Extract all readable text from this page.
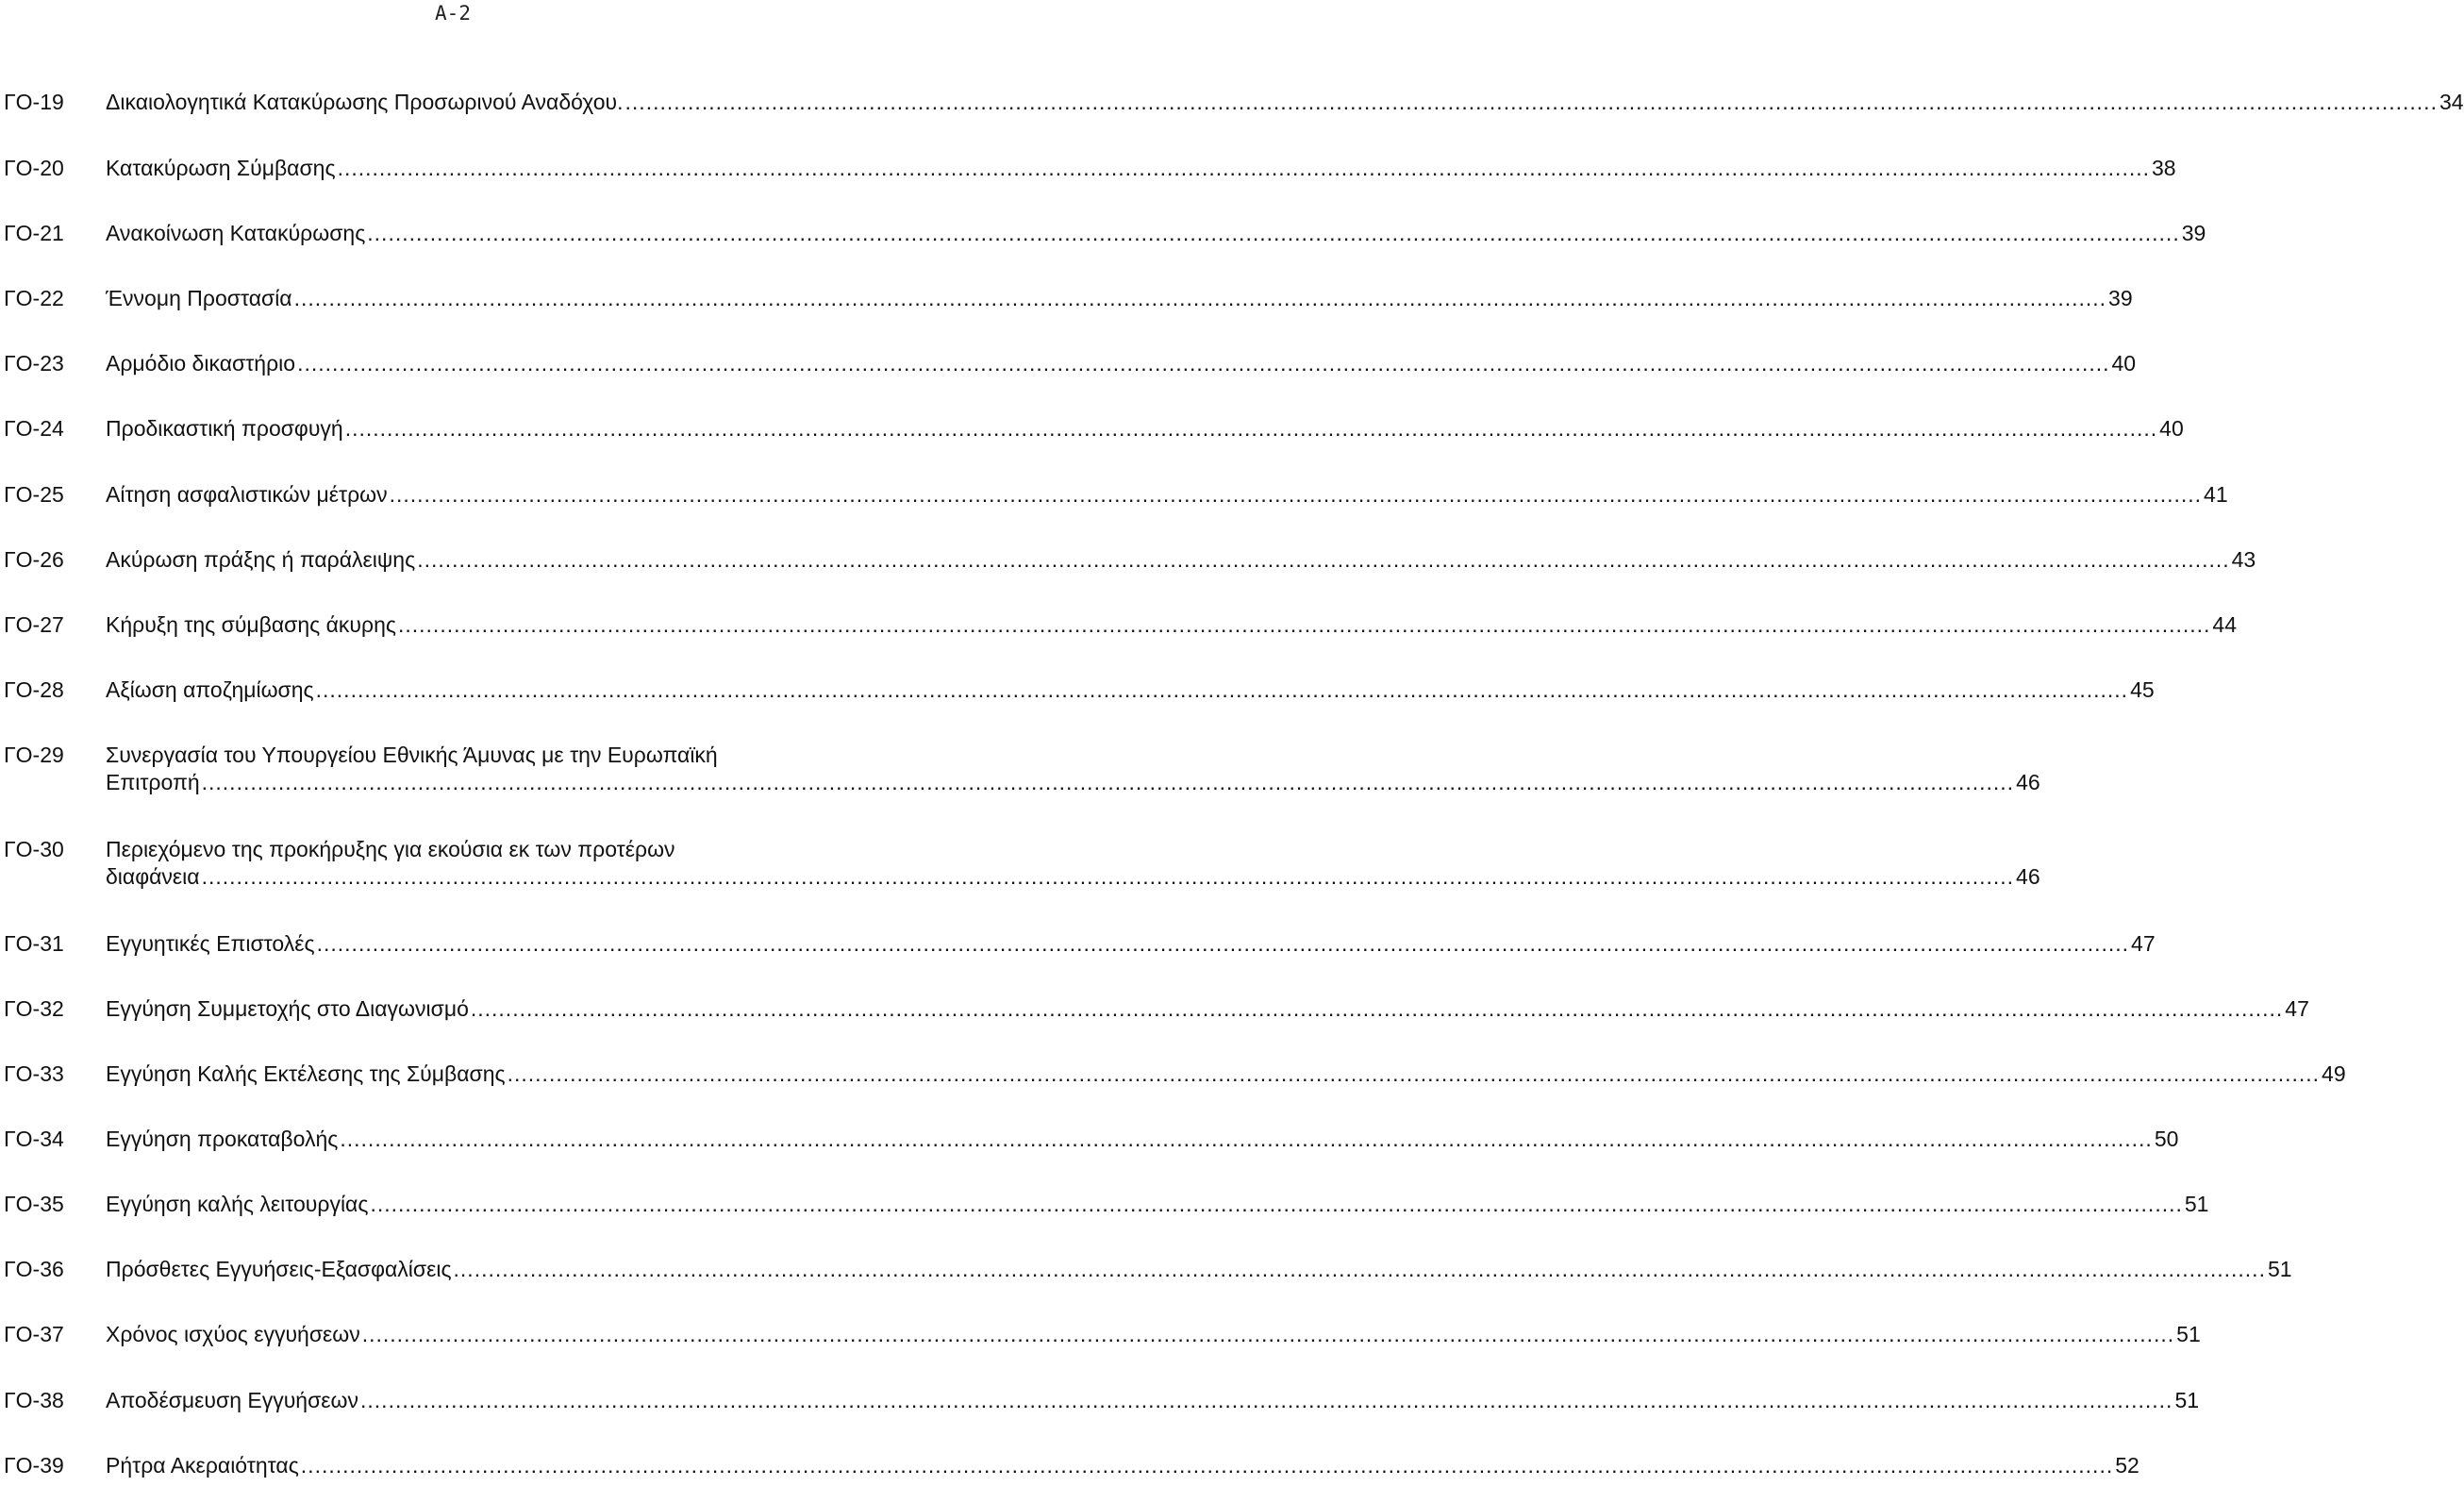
A-2
ΓΟ-19 Δικαιολογητικά Κατακύρωσης Προσωρινού Αναδόχου. .................................................................................................................................................................................................................................................................... 34
ΓΟ-20 Κατακύρωση Σύμβασης .................................................................................................................................................................................................................................................................... 38
ΓΟ-21 Ανακοίνωση Κατακύρωσης .................................................................................................................................................................................................................................................................... 39
ΓΟ-22 Έννομη Προστασία .................................................................................................................................................................................................................................................................... 39
ΓΟ-23 Αρμόδιο δικαστήριο .................................................................................................................................................................................................................................................................... 40
ΓΟ-24 Προδικαστική προσφυγή .................................................................................................................................................................................................................................................................... 40
ΓΟ-25 Αίτηση ασφαλιστικών μέτρων .................................................................................................................................................................................................................................................................... 41
ΓΟ-26 Ακύρωση πράξης ή παράλειψης .................................................................................................................................................................................................................................................................... 43
ΓΟ-27 Κήρυξη της σύμβασης άκυρης .................................................................................................................................................................................................................................................................... 44
ΓΟ-28 Αξίωση αποζημίωσης .................................................................................................................................................................................................................................................................... 45
ΓΟ-29 Συνεργασία του Υπουργείου Εθνικής Άμυνας με την Ευρωπαϊκή
Επιτροπή .................................................................................................................................................................................................................................................................... 46
ΓΟ-30 Περιεχόμενο της προκήρυξης για εκούσια εκ των προτέρων
διαφάνεια .................................................................................................................................................................................................................................................................... 46
ΓΟ-31 Εγγυητικές Επιστολές .................................................................................................................................................................................................................................................................... 47
ΓΟ-32 Εγγύηση Συμμετοχής στο Διαγωνισμό .................................................................................................................................................................................................................................................................... 47
ΓΟ-33 Εγγύηση Καλής Εκτέλεσης της Σύμβασης .................................................................................................................................................................................................................................................................... 49
ΓΟ-34 Εγγύηση προκαταβολής .................................................................................................................................................................................................................................................................... 50
ΓΟ-35 Εγγύηση καλής λειτουργίας .................................................................................................................................................................................................................................................................... 51
ΓΟ-36 Πρόσθετες Εγγυήσεις-Εξασφαλίσεις .................................................................................................................................................................................................................................................................... 51
ΓΟ-37 Χρόνος ισχύος εγγυήσεων .................................................................................................................................................................................................................................................................... 51
ΓΟ-38 Αποδέσμευση Εγγυήσεων .................................................................................................................................................................................................................................................................... 51
ΓΟ-39 Ρήτρα Ακεραιότητας .................................................................................................................................................................................................................................................................... 52
